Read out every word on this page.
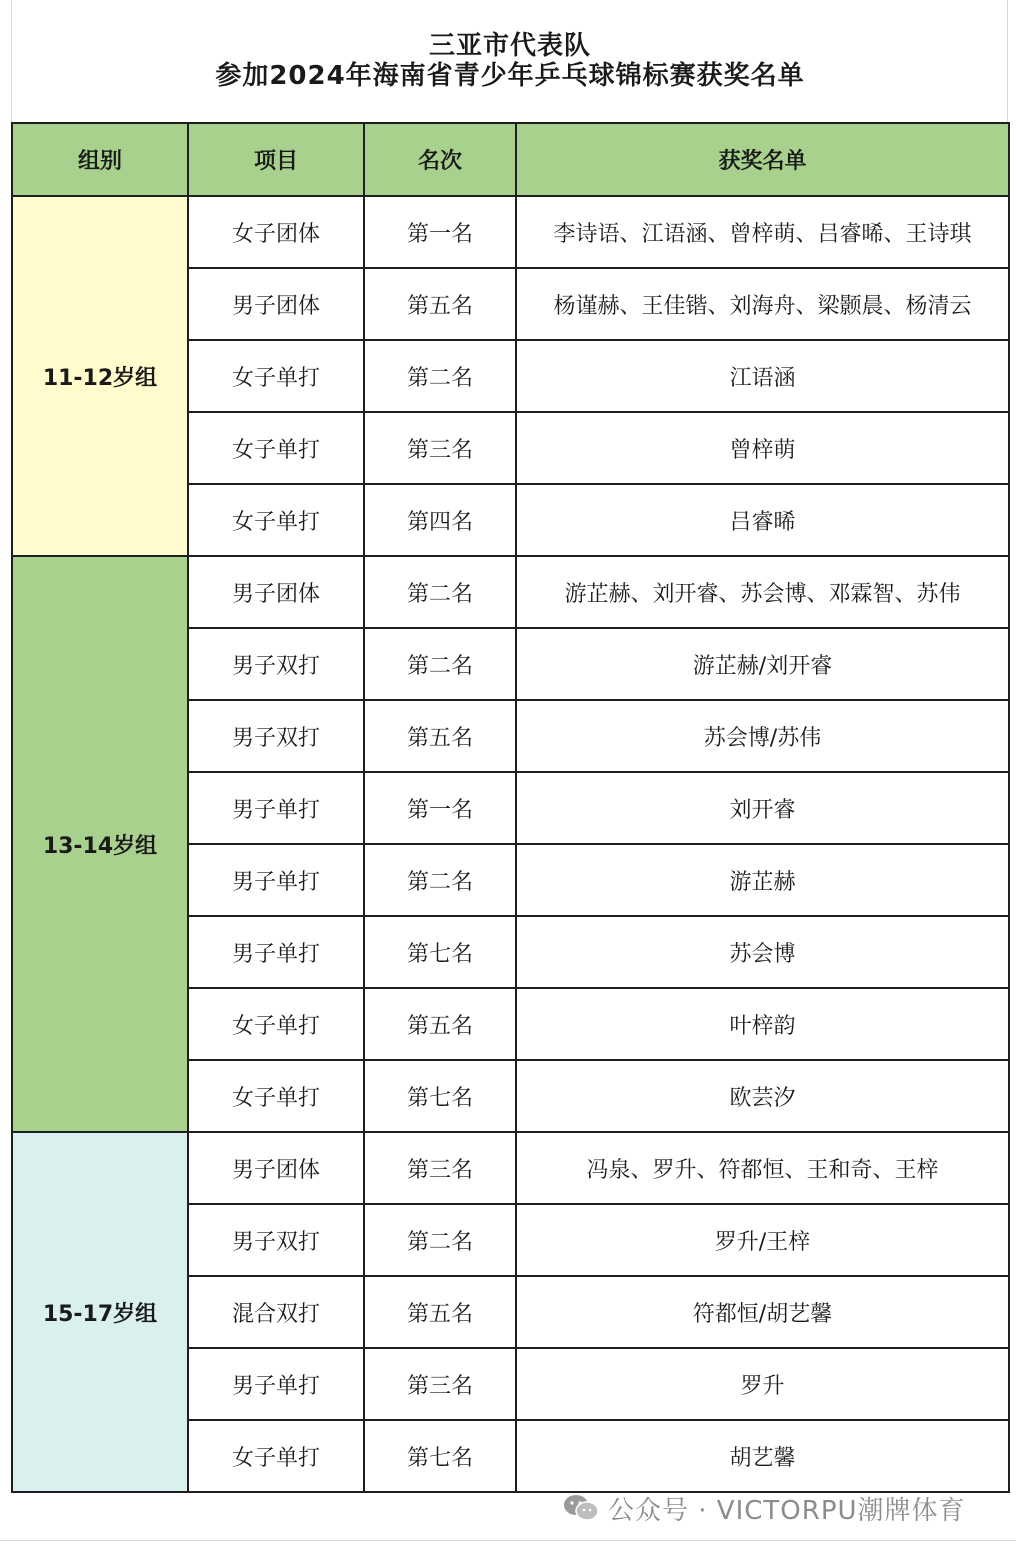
三亚市代表队
参加2024年海南省青少年乒乓球锦标赛获奖名单
组别	项目	名次	获奖名单
11-12岁组	女子团体	第一名	李诗语、江语涵、曾梓萌、吕睿晞、王诗琪
	男子团体	第五名	杨谨赫、王佳锴、刘海舟、梁颢晨、杨清云
	女子单打	第二名	江语涵
	女子单打	第三名	曾梓萌
	女子单打	第四名	吕睿晞
13-14岁组	男子团体	第二名	游芷赫、刘开睿、苏会博、邓霖智、苏伟
	男子双打	第二名	游芷赫/刘开睿
	男子双打	第五名	苏会博/苏伟
	男子单打	第一名	刘开睿
	男子单打	第二名	游芷赫
	男子单打	第七名	苏会博
	女子单打	第五名	叶梓韵
	女子单打	第七名	欧芸汐
15-17岁组	男子团体	第三名	冯泉、罗升、符都恒、王和奇、王梓
	男子双打	第二名	罗升/王梓
	混合双打	第五名	符都恒/胡艺馨
	男子单打	第三名	罗升
	女子单打	第七名	胡艺馨
公众号 · VICTORPU潮牌体育
